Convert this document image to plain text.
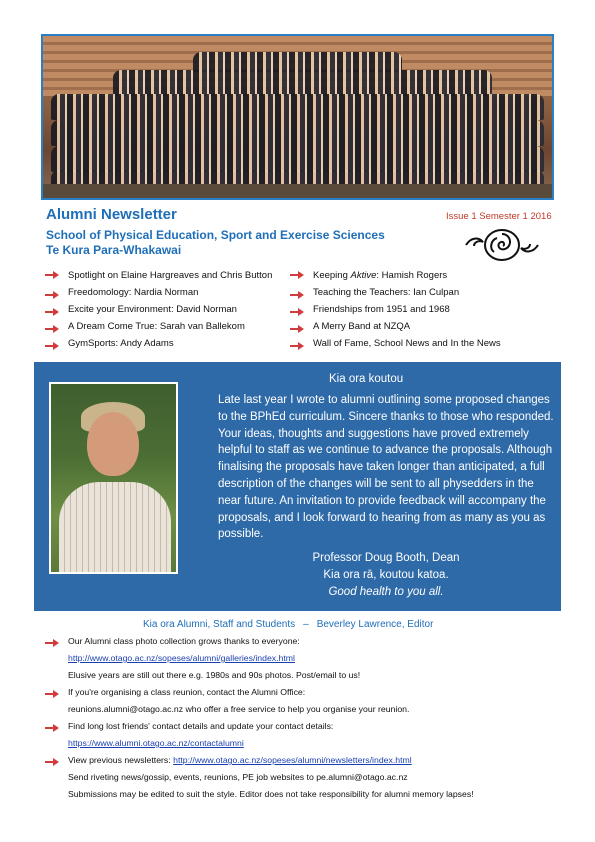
Alumni Newsletter
School of Physical Education, Sport and Exercise Sciences
Te Kura Para-Whakawai
Issue 1 Semester 1 2016
Spotlight on Elaine Hargreaves and Chris Button
Freedomology: Nardia Norman
Excite your Environment: David Norman
A Dream Come True: Sarah van Ballekom
GymSports: Andy Adams
Keeping Aktive: Hamish Rogers
Teaching the Teachers: Ian Culpan
Friendships from 1951 and 1968
A Merry Band at NZQA
Wall of Fame, School News and In the News
Kia ora koutou
Late last year I wrote to alumni outlining some proposed changes to the BPhEd curriculum. Sincere thanks to those who responded. Your ideas, thoughts and suggestions have proved extremely helpful to staff as we continue to advance the proposals. Although finalising the proposals have taken longer than anticipated, a full description of the changes will be sent to all physedders in the near future. An invitation to provide feedback will accompany the proposals, and I look forward to hearing from as many as you as possible.
Professor Doug Booth, Dean
Kia ora rā, koutou katoa.
Good health to you all.
Kia ora Alumni, Staff and Students – Beverley Lawrence, Editor
Our Alumni class photo collection grows thanks to everyone:
http://www.otago.ac.nz/sopeses/alumni/galleries/index.html
Elusive years are still out there e.g. 1980s and 90s photos. Post/email to us!
If you're organising a class reunion, contact the Alumni Office:
reunions.alumni@otago.ac.nz who offer a free service to help you organise your reunion.
Find long lost friends' contact details and update your contact details:
https://www.alumni.otago.ac.nz/contactalumni
View previous newsletters: http://www.otago.ac.nz/sopeses/alumni/newsletters/index.html
Send riveting news/gossip, events, reunions, PE job websites to pe.alumni@otago.ac.nz
Submissions may be edited to suit the style. Editor does not take responsibility for alumni memory lapses!
